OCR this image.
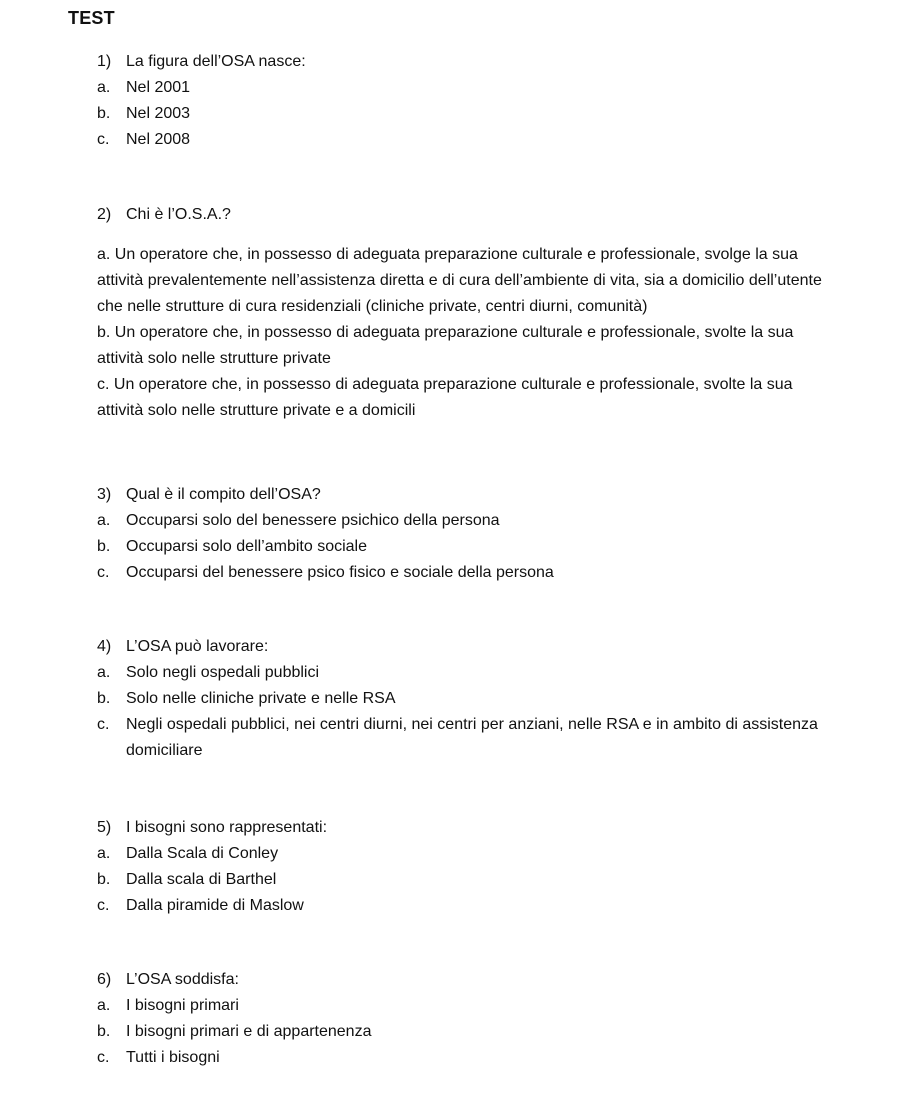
TEST
1) La figura dell’OSA nasce:
a. Nel 2001
b. Nel 2003
c. Nel 2008
2) Chi è l’O.S.A.?
a. Un operatore che, in possesso di adeguata preparazione culturale e professionale, svolge la sua attività prevalentemente nell’assistenza diretta e di cura dell’ambiente di vita, sia a domicilio dell’utente che nelle strutture di cura residenziali (cliniche private, centri diurni, comunità)
b. Un operatore che, in possesso di adeguata preparazione culturale e professionale, svolte la sua attività solo nelle strutture private
c. Un operatore che, in possesso di adeguata preparazione culturale e professionale, svolte la sua attività solo nelle strutture private e a domicili
3) Qual è il compito dell’OSA?
a. Occuparsi solo del benessere psichico della persona
b. Occuparsi solo dell’ambito sociale
c. Occuparsi del benessere psico fisico e sociale della persona
4) L’OSA può lavorare:
a. Solo negli ospedali pubblici
b. Solo nelle cliniche private e nelle RSA
c.	Negli ospedali pubblici, nei centri diurni, nei centri per anziani, nelle RSA e in ambito di assistenza domiciliare
5) I bisogni sono rappresentati:
a. Dalla Scala di Conley
b. Dalla scala di Barthel
c. Dalla piramide di Maslow
6) L’OSA soddisfa:
a. I bisogni primari
b. I bisogni primari e di appartenenza
c. Tutti i bisogni
